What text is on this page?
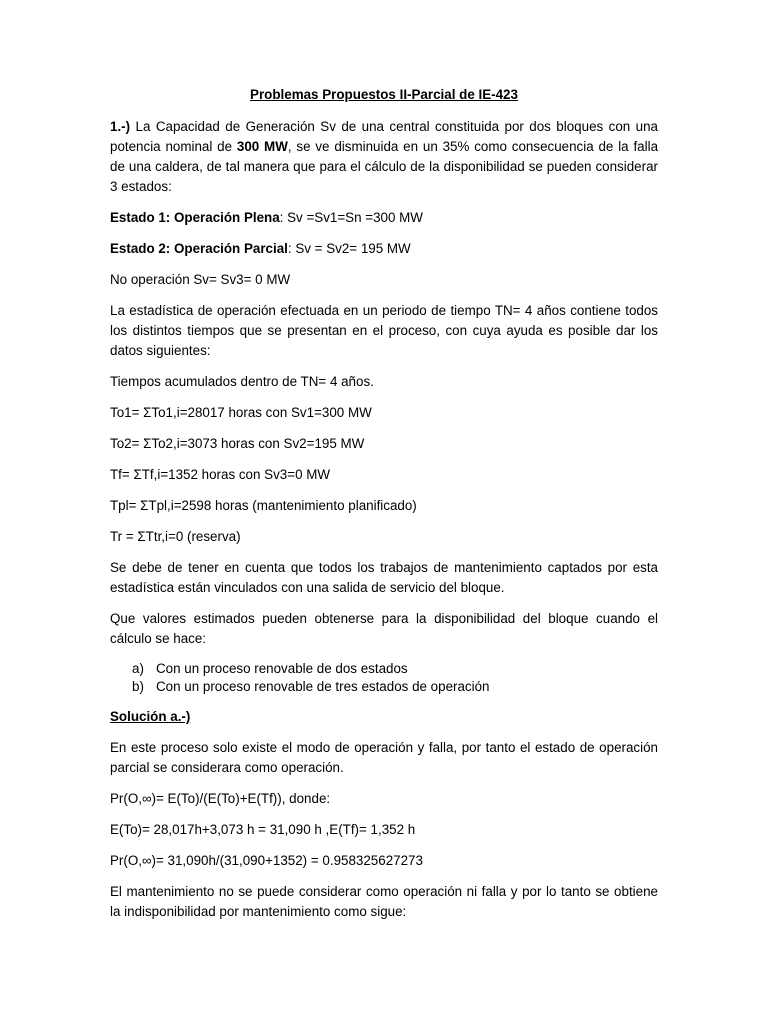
Problemas Propuestos II-Parcial de IE-423

1.-) La Capacidad de Generación Sv de una central constituida por dos bloques con una potencia nominal de 300 MW, se ve disminuida en un 35% como consecuencia de la falla de una caldera, de tal manera que para el cálculo de la disponibilidad se pueden considerar 3 estados:

Estado 1: Operación Plena: Sv =Sv1=Sn =300 MW

Estado 2: Operación Parcial: Sv = Sv2= 195 MW

No operación Sv= Sv3= 0 MW

La estadística de operación efectuada en un periodo de tiempo TN= 4 años contiene todos los distintos tiempos que se presentan en el proceso, con cuya ayuda es posible dar los datos siguientes:

Tiempos acumulados dentro de TN= 4 años.

To1= ΣTo1,i=28017 horas con Sv1=300 MW

To2= ΣTo2,i=3073 horas con Sv2=195 MW

Tf= ΣTf,i=1352 horas con Sv3=0 MW

Tpl= ΣTpl,i=2598 horas (mantenimiento planificado)

Tr = ΣTtr,i=0 (reserva)

Se debe de tener en cuenta que todos los trabajos de mantenimiento captados por esta estadística están vinculados con una salida de servicio del bloque.

Que valores estimados pueden obtenerse para la disponibilidad del bloque cuando el cálculo se hace:

a) Con un proceso renovable de dos estados
b) Con un proceso renovable de tres estados de operación

Solución a.-)

En este proceso solo existe el modo de operación y falla, por tanto el estado de operación parcial se considerara como operación.

Pr(O,∞)= E(To)/(E(To)+E(Tf)), donde:

E(To)= 28,017h+3,073 h = 31,090 h ,E(Tf)= 1,352 h

Pr(O,∞)= 31,090h/(31,090+1352) = 0.958325627273

El mantenimiento no se puede considerar como operación ni falla y por lo tanto se obtiene la indisponibilidad por mantenimiento como sigue:
